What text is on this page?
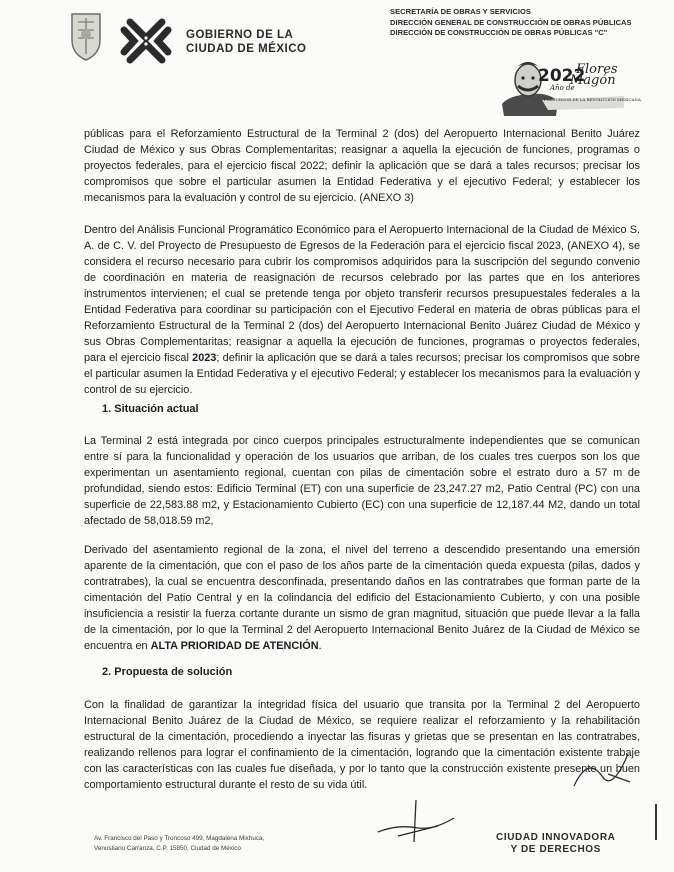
GOBIERNO DE LA
CIUDAD DE MÉXICO
SECRETARÍA DE OBRAS Y SERVICIOS
DIRECCIÓN GENERAL DE CONSTRUCCIÓN DE OBRAS PÚBLICAS
DIRECCIÓN DE CONSTRUCCIÓN DE OBRAS PÚBLICAS "C"
Flores
Magón
2022
Año de
PRECURSOR DE LA REVOLUCIÓN MEXICANA
públicas para el Reforzamiento Estructural de la Terminal 2 (dos) del Aeropuerto Internacional Benito Juárez Ciudad de México y sus Obras Complementaritas; reasignar a aquella la ejecución de funciones, programas o proyectos federales, para el ejercicio fiscal 2022; definir la aplicación que se dará a tales recursos; precisar los compromisos que sobre el particular asumen la Entidad Federativa y el ejecutivo Federal; y establecer los mecanismos para la evaluación y control de su ejercicio. (ANEXO 3)
Dentro del Análisis Funcional Programático Económico para el Aeropuerto Internacional de la Ciudad de México S. A. de C. V. del Proyecto de Presupuesto de Egresos de la Federación para el ejercicio fiscal 2023, (ANEXO 4), se considera el recurso necesario para cubrir los compromisos adquiridos para la suscripción del segundo convenio de coordinación en materia de reasignación de recursos celebrado por las partes que en los anteriores instrumentos intervienen; el cual se pretende tenga por objeto transferir recursos presupuestales federales a la Entidad Federativa para coordinar su participación con el Ejecutivo Federal en materia de obras públicas para el Reforzamiento Estructural de la Terminal 2 (dos) del Aeropuerto Internacional Benito Juárez Ciudad de México y sus Obras Complementaritas; reasignar a aquella la ejecución de funciones, programas o proyectos federales, para el ejercicio fiscal 2023; definir la aplicación que se dará a tales recursos; precisar los compromisos que sobre el particular asumen la Entidad Federativa y el ejecutivo Federal; y establecer los mecanismos para la evaluación y control de su ejercicio.
1. Situación actual
La Terminal 2 está integrada por cinco cuerpos principales estructuralmente independientes que se comunican entre sí para la funcionalidad y operación de los usuarios que arriban, de los cuales tres cuerpos son los que experimentan un asentamiento regional, cuentan con pilas de cimentación sobre el estrato duro a 57 m de profundidad, siendo estos: Edificio Terminal (ET) con una superficie de 23,247.27 m2, Patio Central (PC) con una superficie de 22,583.88 m2, y Estacionamiento Cubierto (EC) con una superficie de 12,187.44 M2, dando un total afectado de 58,018.59 m2,
Derivado del asentamiento regional de la zona, el nivel del terreno a descendido presentando una emersión aparente de la cimentación, que con el paso de los años parte de la cimentación queda expuesta (pilas, dados y contratrabes), la cual se encuentra desconfinada, presentando daños en las contratrabes que forman parte de la cimentación del Patio Central y en la colindancia del edificio del Estacionamiento Cubierto, y con una posible insuficiencia a resistir la fuerza cortante durante un sismo de gran magnitud, situación que puede llevar a la falla de la cimentación, por lo que la Terminal 2 del Aeropuerto Internacional Benito Juárez de la Ciudad de México se encuentra en ALTA PRIORIDAD DE ATENCIÓN.
2. Propuesta de solución
Con la finalidad de garantizar la integridad física del usuario que transita por la Terminal 2 del Aeropuerto Internacional Benito Juárez de la Ciudad de México, se requiere realizar el reforzamiento y la rehabilitación estructural de la cimentación, procediendo a inyectar las fisuras y grietas que se presentan en las contratrabes, realizando rellenos para lograr el confinamiento de la cimentación, logrando que la cimentación existente trabaje con las características con las cuales fue diseñada, y por lo tanto que la construcción existente presente un buen comportamiento estructural durante el resto de su vida útil.
Av. Francisco del Paso y Troncoso 499, Magdalena Mixhuca,
Venustiano Carranza, C.P. 15850, Ciudad de México
CIUDAD INNOVADORA
Y DE DERECHOS
